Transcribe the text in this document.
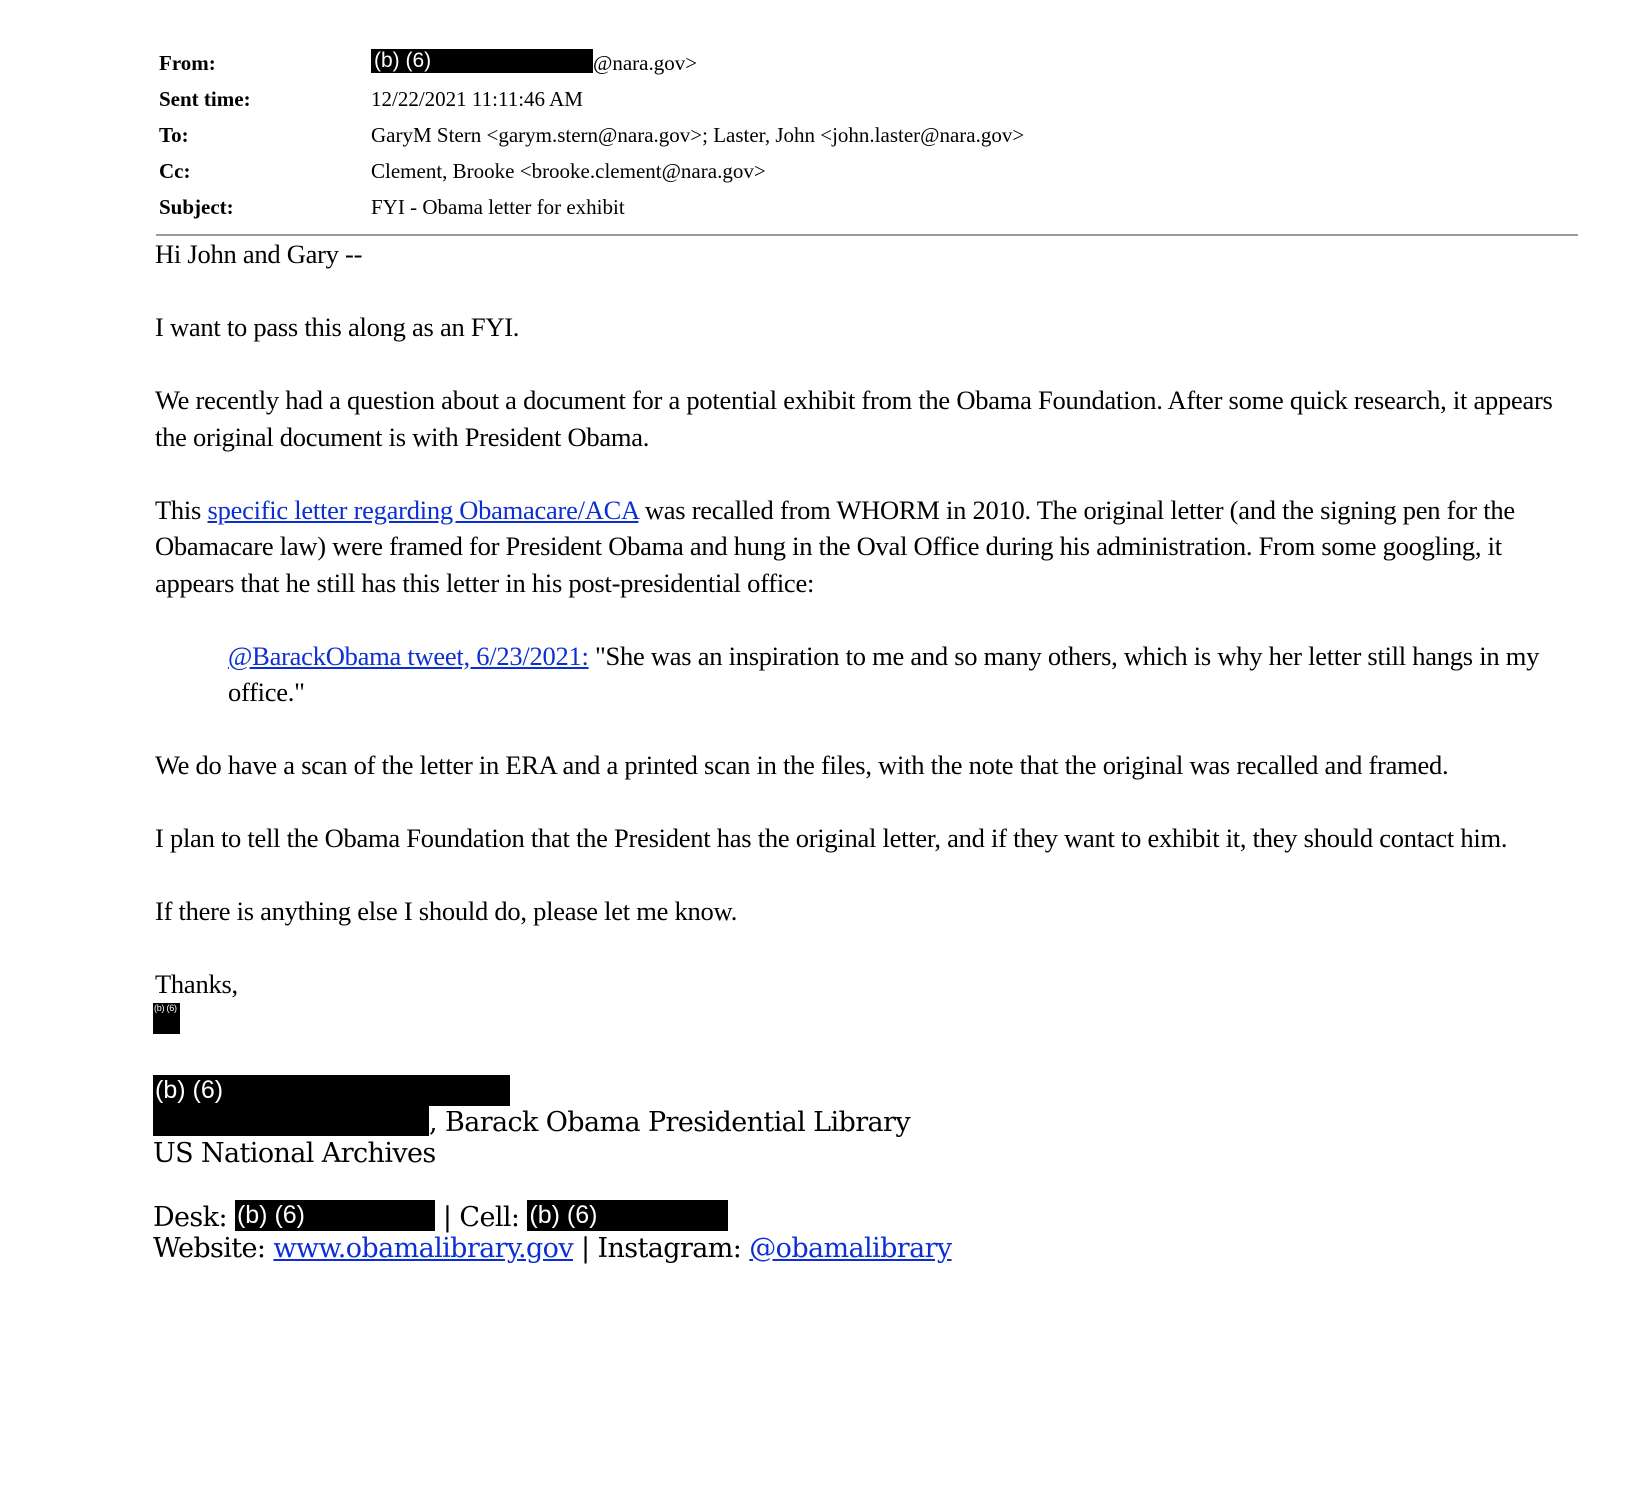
From:	(b) (6)	@nara.gov>
Sent time:	12/22/2021 11:11:46 AM
To:	GaryM Stern <garym.stern@nara.gov>; Laster, John <john.laster@nara.gov>
Cc:	Clement, Brooke <brooke.clement@nara.gov>
Subject:	FYI - Obama letter for exhibit

Hi John and Gary --

I want to pass this along as an FYI.

We recently had a question about a document for a potential exhibit from the Obama Foundation. After some quick research, it appears the original document is with President Obama.

This specific letter regarding Obamacare/ACA was recalled from WHORM in 2010. The original letter (and the signing pen for the Obamacare law) were framed for President Obama and hung in the Oval Office during his administration. From some googling, it appears that he still has this letter in his post-presidential office:

@BarackObama tweet, 6/23/2021: "She was an inspiration to me and so many others, which is why her letter still hangs in my office."

We do have a scan of the letter in ERA and a printed scan in the files, with the note that the original was recalled and framed.

I plan to tell the Obama Foundation that the President has the original letter, and if they want to exhibit it, they should contact him.

If there is anything else I should do, please let me know.

Thanks,

(b) (6)
(b) (6)
, Barack Obama Presidential Library
US National Archives
Desk: (b) (6)	| Cell: (b) (6)
Website: www.obamalibrary.gov | Instagram: @obamalibrary
